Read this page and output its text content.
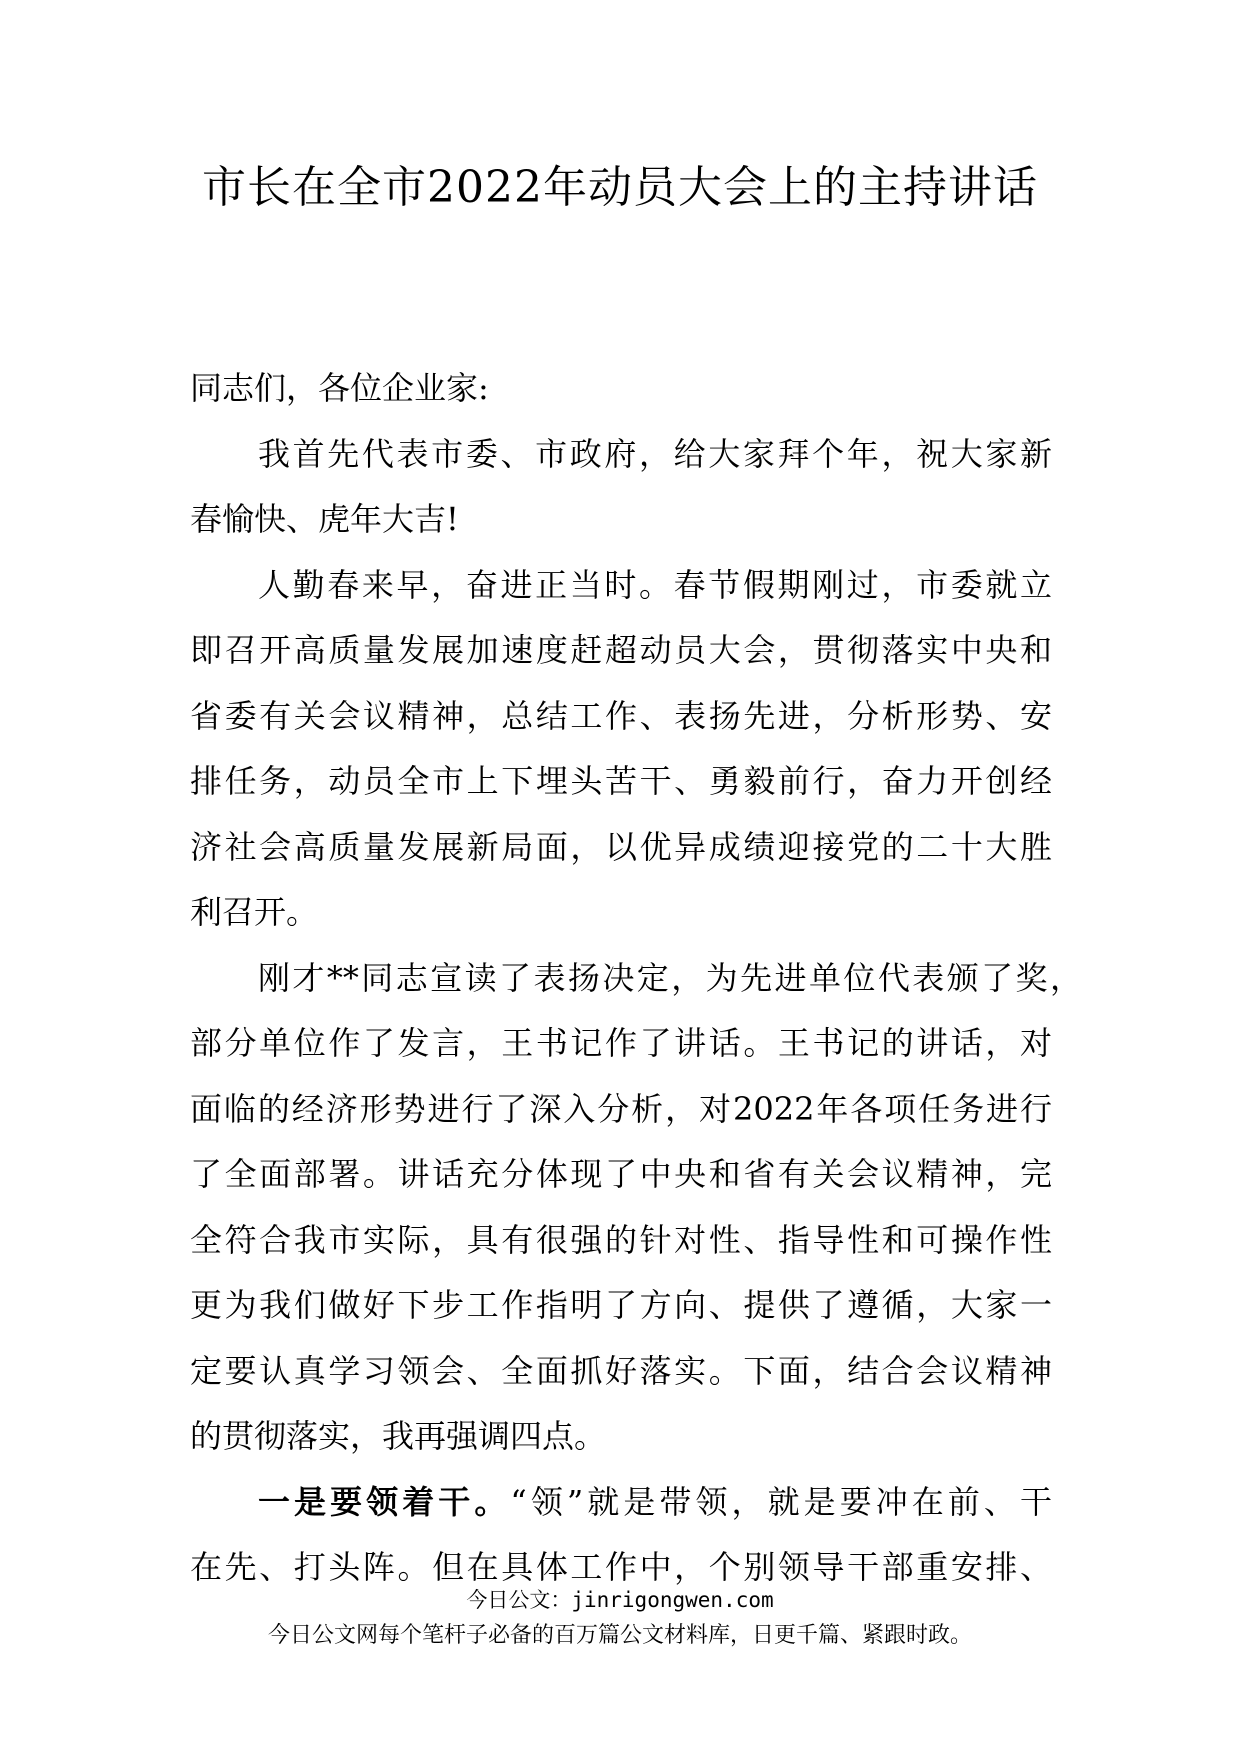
市长在全市2022年动员大会上的主持讲话
同志们，各位企业家:
我首先代表市委、市政府，给大家拜个年，祝大家新
春愉快、虎年大吉!
人勤春来早，奋进正当时。春节假期刚过，市委就立
即召开高质量发展加速度赶超动员大会，贯彻落实中央和
省委有关会议精神，总结工作、表扬先进，分析形势、安
排任务，动员全市上下埋头苦干、勇毅前行，奋力开创经
济社会高质量发展新局面，以优异成绩迎接党的二十大胜
利召开。
刚才**同志宣读了表扬决定，为先进单位代表颁了奖，
部分单位作了发言，王书记作了讲话。王书记的讲话，对
面临的经济形势进行了深入分析，对2022年各项任务进行
了全面部署。讲话充分体现了中央和省有关会议精神，完
全符合我市实际，具有很强的针对性、指导性和可操作性
更为我们做好下步工作指明了方向、提供了遵循，大家一
定要认真学习领会、全面抓好落实。下面，结合会议精神
的贯彻落实，我再强调四点。
一是要领着干。“领”就是带领，就是要冲在前、干
在先、打头阵。但在具体工作中，个别领导干部重安排、
今日公文：jinrigongwen.com
今日公文网每个笔杆子必备的百万篇公文材料库，日更千篇、紧跟时政。
